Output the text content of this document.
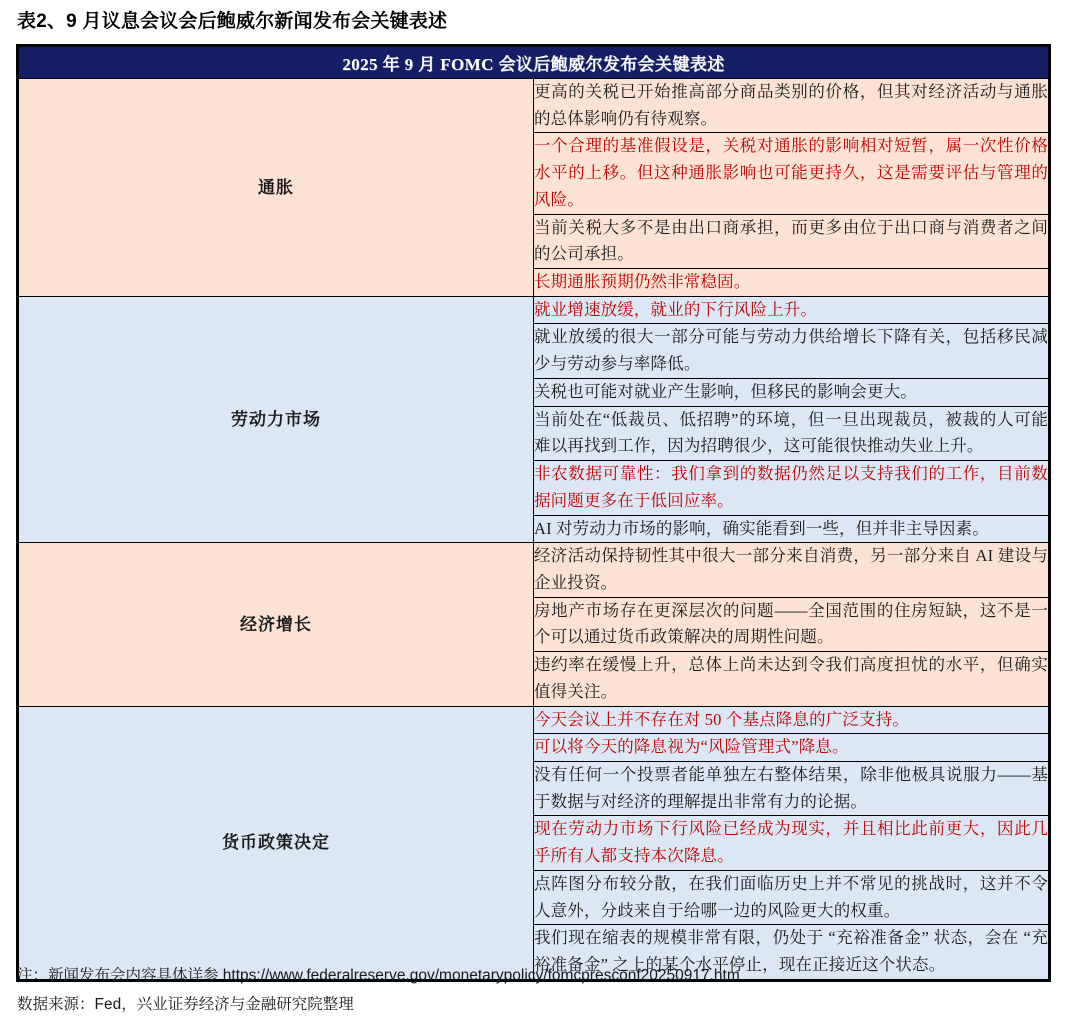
表2、9 月议息会议会后鲍威尔新闻发布会关键表述
2025 年 9 月 FOMC 会议后鲍威尔发布会关键表述	
通胀	更高的关税已开始推高部分商品类别的价格，但其对经济活动与通胀的总体影响仍有待观察。
	一个合理的基准假设是，关税对通胀的影响相对短暂，属一次性价格水平的上移。但这种通胀影响也可能更持久，这是需要评估与管理的风险。
	当前关税大多不是由出口商承担，而更多由位于出口商与消费者之间的公司承担。
	长期通胀预期仍然非常稳固。
劳动力市场	就业增速放缓，就业的下行风险上升。
	就业放缓的很大一部分可能与劳动力供给增长下降有关，包括移民减少与劳动参与率降低。
	关税也可能对就业产生影响，但移民的影响会更大。
	当前处在“低裁员、低招聘”的环境，但一旦出现裁员，被裁的人可能难以再找到工作，因为招聘很少，这可能很快推动失业上升。
	非农数据可靠性：我们拿到的数据仍然足以支持我们的工作，目前数据问题更多在于低回应率。
	AI 对劳动力市场的影响，确实能看到一些，但并非主导因素。
经济增长	经济活动保持韧性其中很大一部分来自消费，另一部分来自 AI 建设与企业投资。
	房地产市场存在更深层次的问题——全国范围的住房短缺，这不是一个可以通过货币政策解决的周期性问题。
	违约率在缓慢上升，总体上尚未达到令我们高度担忧的水平，但确实值得关注。
货币政策决定	今天会议上并不存在对 50 个基点降息的广泛支持。
	可以将今天的降息视为“风险管理式”降息。
	没有任何一个投票者能单独左右整体结果，除非他极具说服力——基于数据与对经济的理解提出非常有力的论据。
	现在劳动力市场下行风险已经成为现实，并且相比此前更大，因此几乎所有人都支持本次降息。
	点阵图分布较分散，在我们面临历史上并不常见的挑战时，这并不令人意外，分歧来自于给哪一边的风险更大的权重。
	我们现在缩表的规模非常有限，仍处于 “充裕准备金” 状态，会在 “充裕准备金” 之上的某个水平停止，现在正接近这个状态。
注：新闻发布会内容具体详参 https://www.federalreserve.gov/monetarypolicy/fomcpresconf20250917.htm
数据来源：Fed，兴业证券经济与金融研究院整理
